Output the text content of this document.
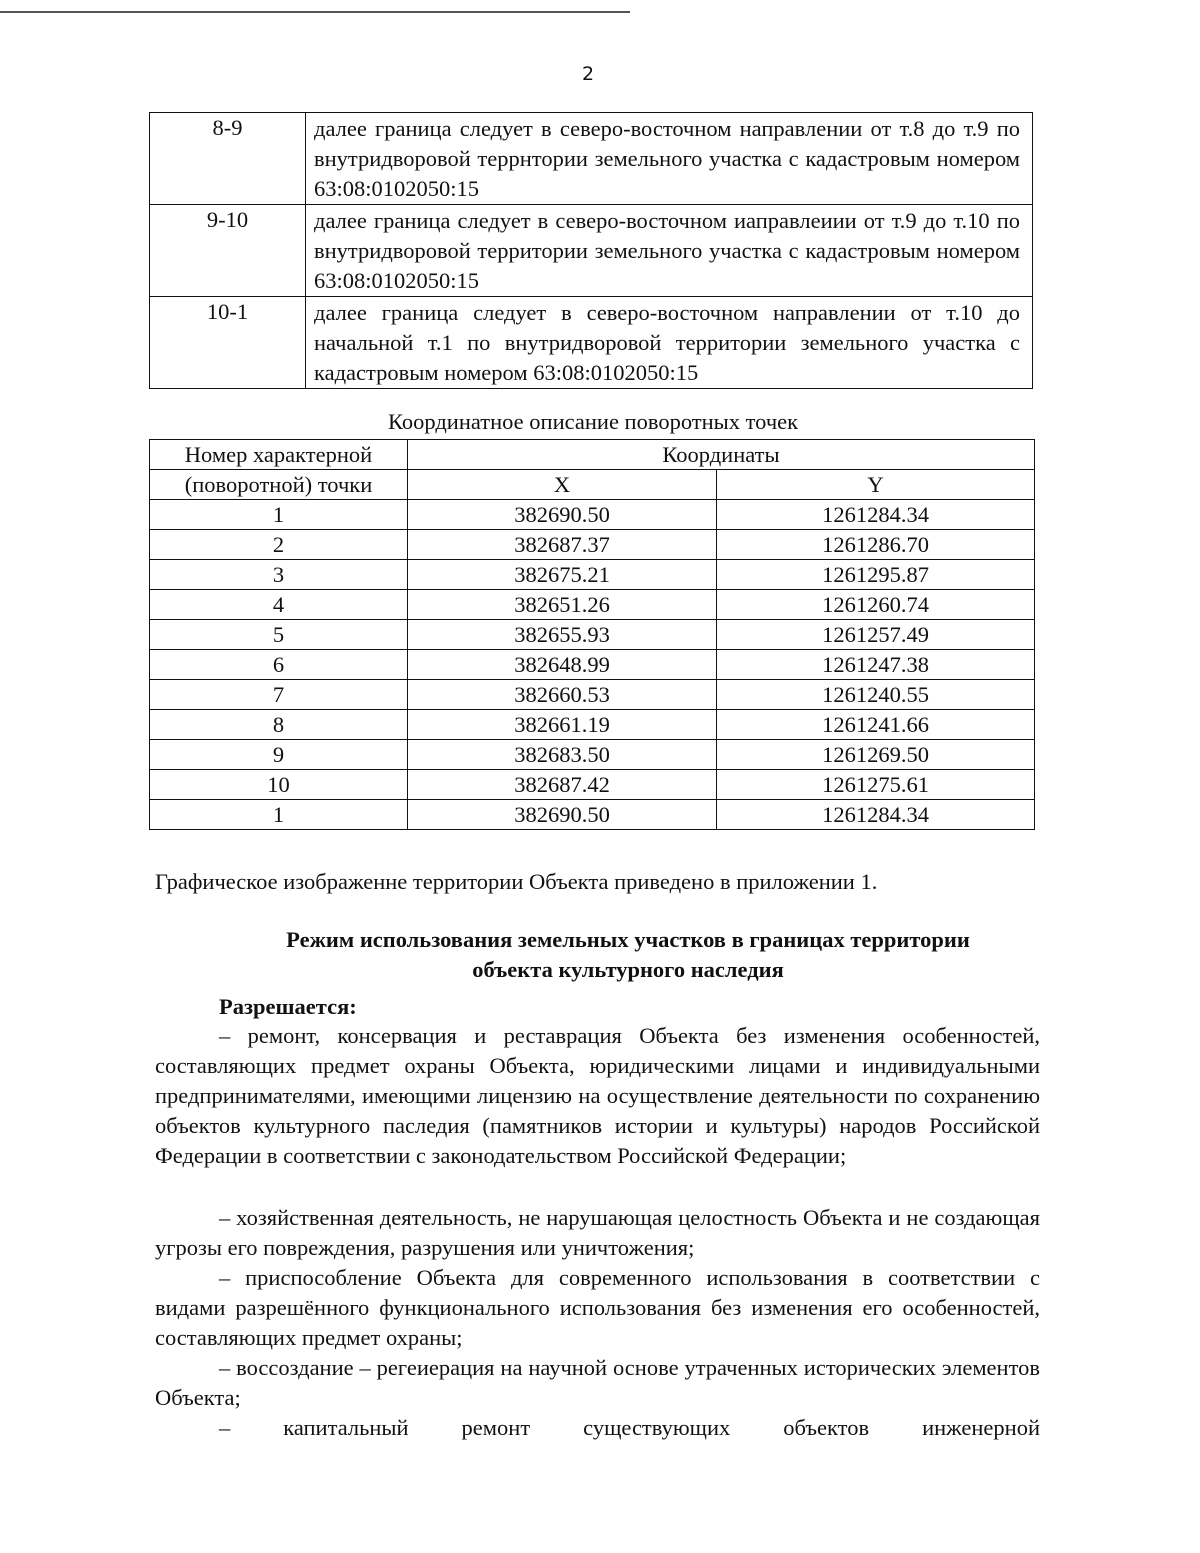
2
8-9	далее граница следует в северо-восточном направлении от т.8 до т.9 по внутридворовой террнтории земельного участка с кадастровым номером 63:08:0102050:15
9-10	далее граница следует в северо-восточном иаправлеиии от т.9 до т.10 по внутридворовой территории земельного участка с кадастровым номером 63:08:0102050:15
10-1	далее граница следует в северо-восточном направлении от т.10 до начальной т.1 по внутридворовой территории земельного участка с кадастровым номером 63:08:0102050:15
Координатное описание поворотных точек
Номер характерной	Координаты	
(поворотной) точки	X	Y
1	382690.50	1261284.34
2	382687.37	1261286.70
3	382675.21	1261295.87
4	382651.26	1261260.74
5	382655.93	1261257.49
6	382648.99	1261247.38
7	382660.53	1261240.55
8	382661.19	1261241.66
9	382683.50	1261269.50
10	382687.42	1261275.61
1	382690.50	1261284.34
Графическое изображенне территории Объекта приведено в приложении 1.
Режим использования земельных участков в границах территории
объекта культурного наследия
Разрешается:
– ремонт, консервация и реставрация Объекта без изменения особенностей, составляющих предмет охраны Объекта, юридическими лицами и индивидуальными предпринимателями, имеющими лицензию на осуществление деятельности по сохранению объектов культурного паследия (памятников истории и культуры) народов Российской Федерации в соответствии с законодательством Российской Федерации;
– хозяйственная деятельность, не нарушающая целостность Объекта и не создающая угрозы его повреждения, разрушения или уничтожения;
– приспособление Объекта для современного использования в соответствии с видами разрешённого функционального использования без изменения его особенностей, составляющих предмет охраны;
– воссоздание – регеиерация на научной основе утраченных исторических элементов Объекта;
– капитальный ремонт существующих объектов инженерной
